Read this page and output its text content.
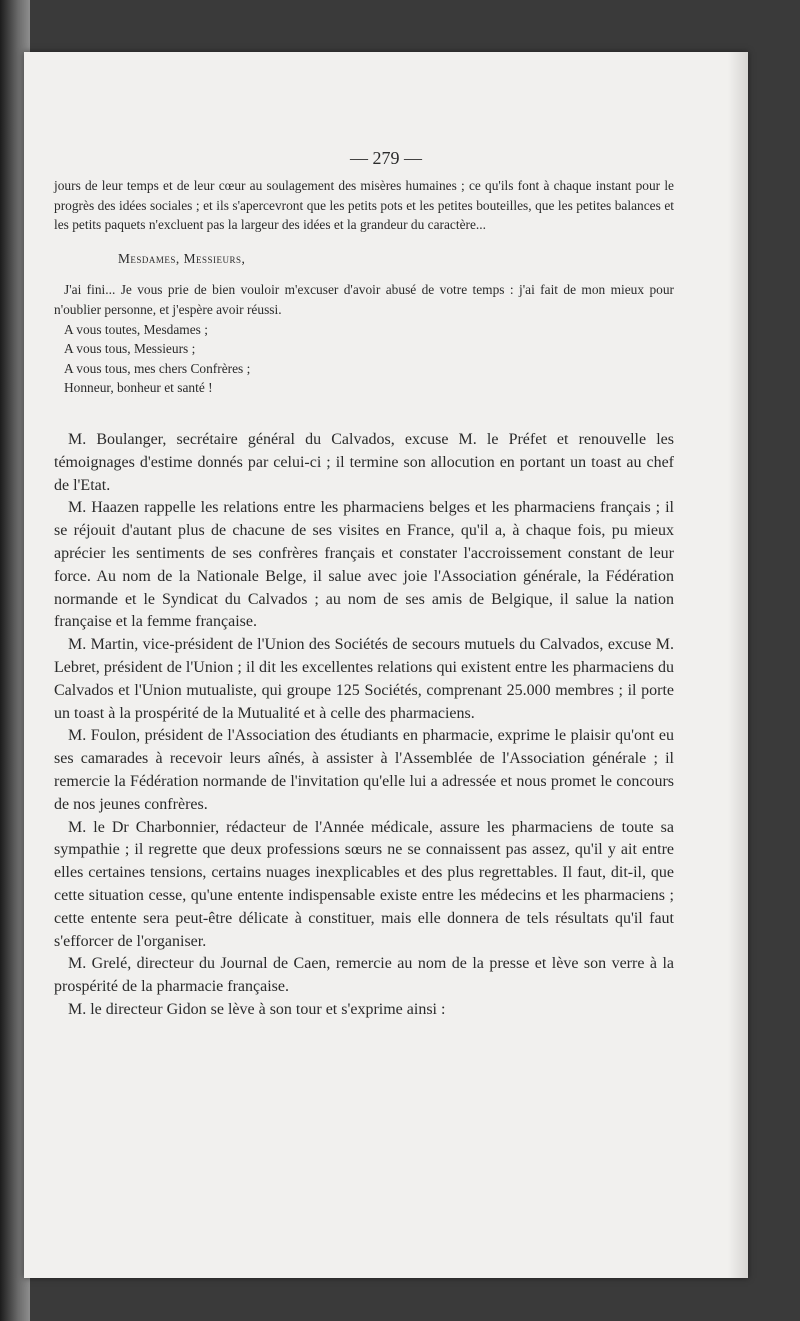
— 279 —

jours de leur temps et de leur cœur au soulagement des misères humaines ; ce qu'ils font à chaque instant pour le progrès des idées sociales ; et ils s'apercevront que les petits pots et les petites bouteilles, que les petites balances et les petits paquets n'excluent pas la largeur des idées et la grandeur du caractère...

Mesdames, Messieurs,

J'ai fini... Je vous prie de bien vouloir m'excuser d'avoir abusé de votre temps : j'ai fait de mon mieux pour n'oublier personne, et j'espère avoir réussi.

A vous toutes, Mesdames ;

A vous tous, Messieurs ;

A vous tous, mes chers Confrères ;

Honneur, bonheur et santé !

M. Boulanger, secrétaire général du Calvados, excuse M. le Préfet et renouvelle les témoignages d'estime donnés par celui-ci ; il termine son allocution en portant un toast au chef de l'Etat.

M. Haazen rappelle les relations entre les pharmaciens belges et les pharmaciens français ; il se réjouit d'autant plus de chacune de ses visites en France, qu'il a, à chaque fois, pu mieux aprécier les sentiments de ses confrères français et constater l'accroissement constant de leur force. Au nom de la Nationale Belge, il salue avec joie l'Association générale, la Fédération normande et le Syndicat du Calvados ; au nom de ses amis de Belgique, il salue la nation française et la femme française.

M. Martin, vice-président de l'Union des Sociétés de secours mutuels du Calvados, excuse M. Lebret, président de l'Union ; il dit les excellentes relations qui existent entre les pharmaciens du Calvados et l'Union mutualiste, qui groupe 125 Sociétés, comprenant 25.000 membres ; il porte un toast à la prospérité de la Mutualité et à celle des pharmaciens.

M. Foulon, président de l'Association des étudiants en pharmacie, exprime le plaisir qu'ont eu ses camarades à recevoir leurs aînés, à assister à l'Assemblée de l'Association générale ; il remercie la Fédération normande de l'invitation qu'elle lui a adressée et nous promet le concours de nos jeunes confrères.

M. le Dr Charbonnier, rédacteur de l'Année médicale, assure les pharmaciens de toute sa sympathie ; il regrette que deux professions sœurs ne se connaissent pas assez, qu'il y ait entre elles certaines tensions, certains nuages inexplicables et des plus regrettables. Il faut, dit-il, que cette situation cesse, qu'une entente indispensable existe entre les médecins et les pharmaciens ; cette entente sera peut-être délicate à constituer, mais elle donnera de tels résultats qu'il faut s'efforcer de l'organiser.

M. Grelé, directeur du Journal de Caen, remercie au nom de la presse et lève son verre à la prospérité de la pharmacie française.

M. le directeur Gidon se lève à son tour et s'exprime ainsi :
